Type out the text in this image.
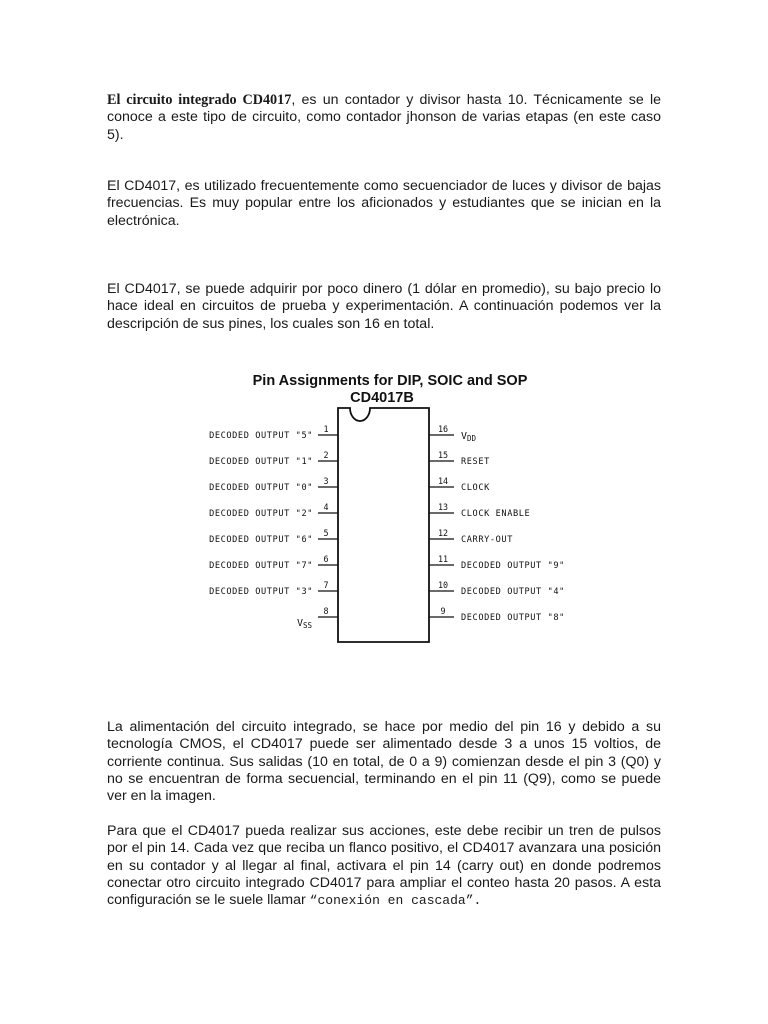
El circuito integrado CD4017, es un contador y divisor hasta 10. Técnicamente se le conoce a este tipo de circuito, como contador jhonson de varias etapas (en este caso 5).

El CD4017, es utilizado frecuentemente como secuenciador de luces y divisor de bajas frecuencias. Es muy popular entre los aficionados y estudiantes que se inician en la electrónica.

El CD4017, se puede adquirir por poco dinero (1 dólar en promedio), su bajo precio lo hace ideal en circuitos de prueba y experimentación. A continuación podemos ver la descripción de sus pines, los cuales son 16 en total.

Pin Assignments for DIP, SOIC and SOP
CD4017B
1
DECODED OUTPUT "5"
2
DECODED OUTPUT "1"
3
DECODED OUTPUT "0"
4
DECODED OUTPUT "2"
5
DECODED OUTPUT "6"
6
DECODED OUTPUT "7"
7
DECODED OUTPUT "3"
8
$V_{SS}$
16
$V_{DD}$
15
RESET
14
CLOCK
13
CLOCK ENABLE
12
CARRY-OUT
11
DECODED OUTPUT "9"
10
DECODED OUTPUT "4"
9
DECODED OUTPUT "8"

La alimentación del circuito integrado, se hace por medio del pin 16 y debido a su tecnología CMOS, el CD4017 puede ser alimentado desde 3 a unos 15 voltios, de corriente continua. Sus salidas (10 en total, de 0 a 9) comienzan desde el pin 3 (Q0) y no se encuentran de forma secuencial, terminando en el pin 11 (Q9), como se puede ver en la imagen.

Para que el CD4017 pueda realizar sus acciones, este debe recibir un tren de pulsos por el pin 14. Cada vez que reciba un flanco positivo, el CD4017 avanzara una posición en su contador y al llegar al final, activara el pin 14 (carry out) en donde podremos conectar otro circuito integrado CD4017 para ampliar el conteo hasta 20 pasos. A esta configuración se le suele llamar “conexión en cascada”.
